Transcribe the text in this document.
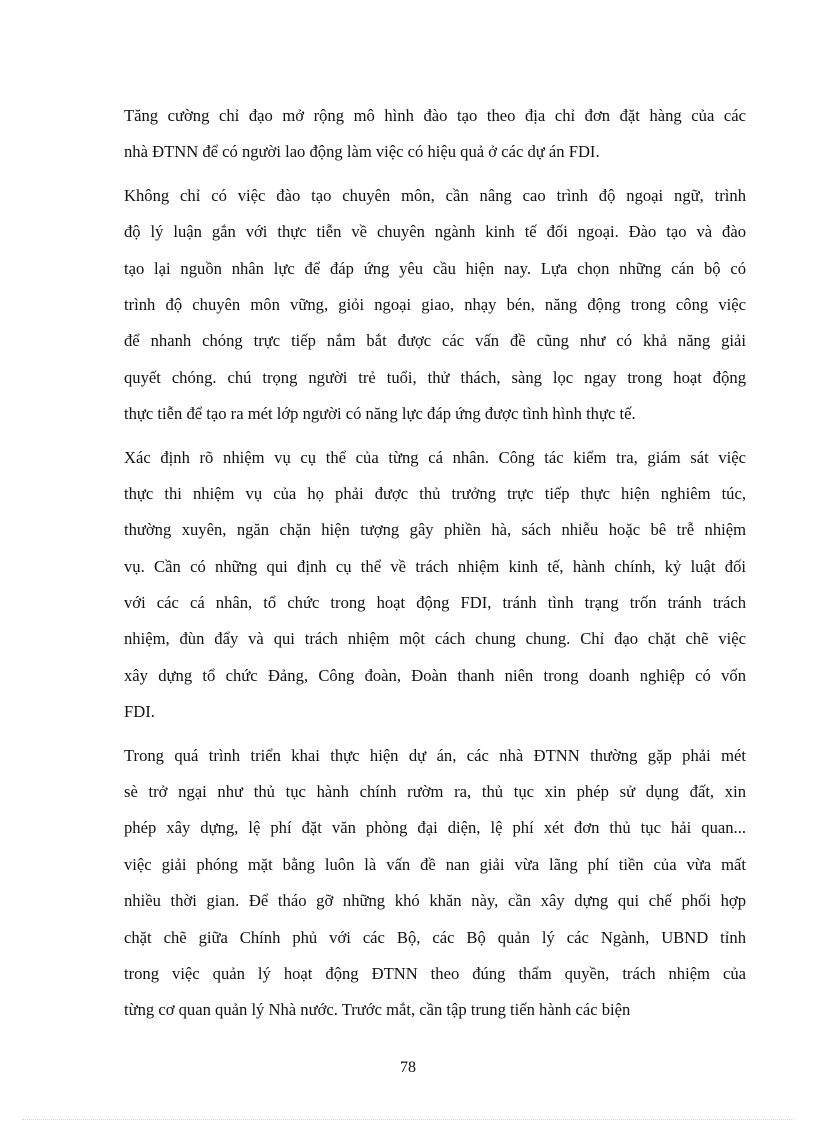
Tăng cường chỉ đạo mở rộng mô hình đào tạo theo địa chỉ đơn đặt hàng của các
nhà ĐTNN để có người lao động làm việc có hiệu quả ở các dự án FDI.

Không chỉ có việc đào tạo chuyên môn, cần nâng cao trình độ ngoại ngữ, trình
độ lý luận gắn với thực tiễn về chuyên ngành kinh tế đối ngoại. Đào tạo và đào
tạo lại nguồn nhân lực để đáp ứng yêu cầu hiện nay. Lựa chọn những cán bộ có
trình độ chuyên môn vững, giỏi ngoại giao, nhạy bén, năng động trong công việc
để nhanh chóng trực tiếp nắm bắt được các vấn đề cũng như có khả năng giải
quyết chóng. chú trọng người trẻ tuổi, thử thách, sàng lọc ngay trong hoạt động
thực tiễn để tạo ra mét lớp người có năng lực đáp ứng được tình hình thực tế.

Xác định rõ nhiệm vụ cụ thể của từng cá nhân. Công tác kiểm tra, giám sát việc
thực thi nhiệm vụ của họ phải được thủ trưởng trực tiếp thực hiện nghiêm túc,
thường xuyên, ngăn chặn hiện tượng gây phiền hà, sách nhiễu hoặc bê trễ nhiệm
vụ. Cần có những qui định cụ thể về trách nhiệm kinh tế, hành chính, kỷ luật đối
với các cá nhân, tổ chức trong hoạt động FDI, tránh tình trạng trốn tránh trách
nhiệm, đùn đẩy và qui trách nhiệm một cách chung chung. Chỉ đạo chặt chẽ việc
xây dựng tổ chức Đảng, Công đoàn, Đoàn thanh niên trong doanh nghiệp có vốn
FDI.

Trong quá trình triển khai thực hiện dự án, các nhà ĐTNN thường gặp phải mét
sè trở ngại như thủ tục hành chính rườm ra, thủ tục xin phép sử dụng đất, xin
phép xây dựng, lệ phí đặt văn phòng đại diện, lệ phí xét đơn thủ tục hải quan...
việc giải phóng mặt bằng luôn là vấn đề nan giải vừa lãng phí tiền của vừa mất
nhiều thời gian. Để tháo gỡ những khó khăn này, cần xây dựng qui chế phối hợp
chặt chẽ giữa Chính phủ với các Bộ, các Bộ quản lý các Ngành, UBND tỉnh
trong việc quản lý hoạt động ĐTNN theo đúng thẩm quyền, trách nhiệm của
từng cơ quan quản lý Nhà nước. Trước mắt, cần tập trung tiến hành các biện

78
